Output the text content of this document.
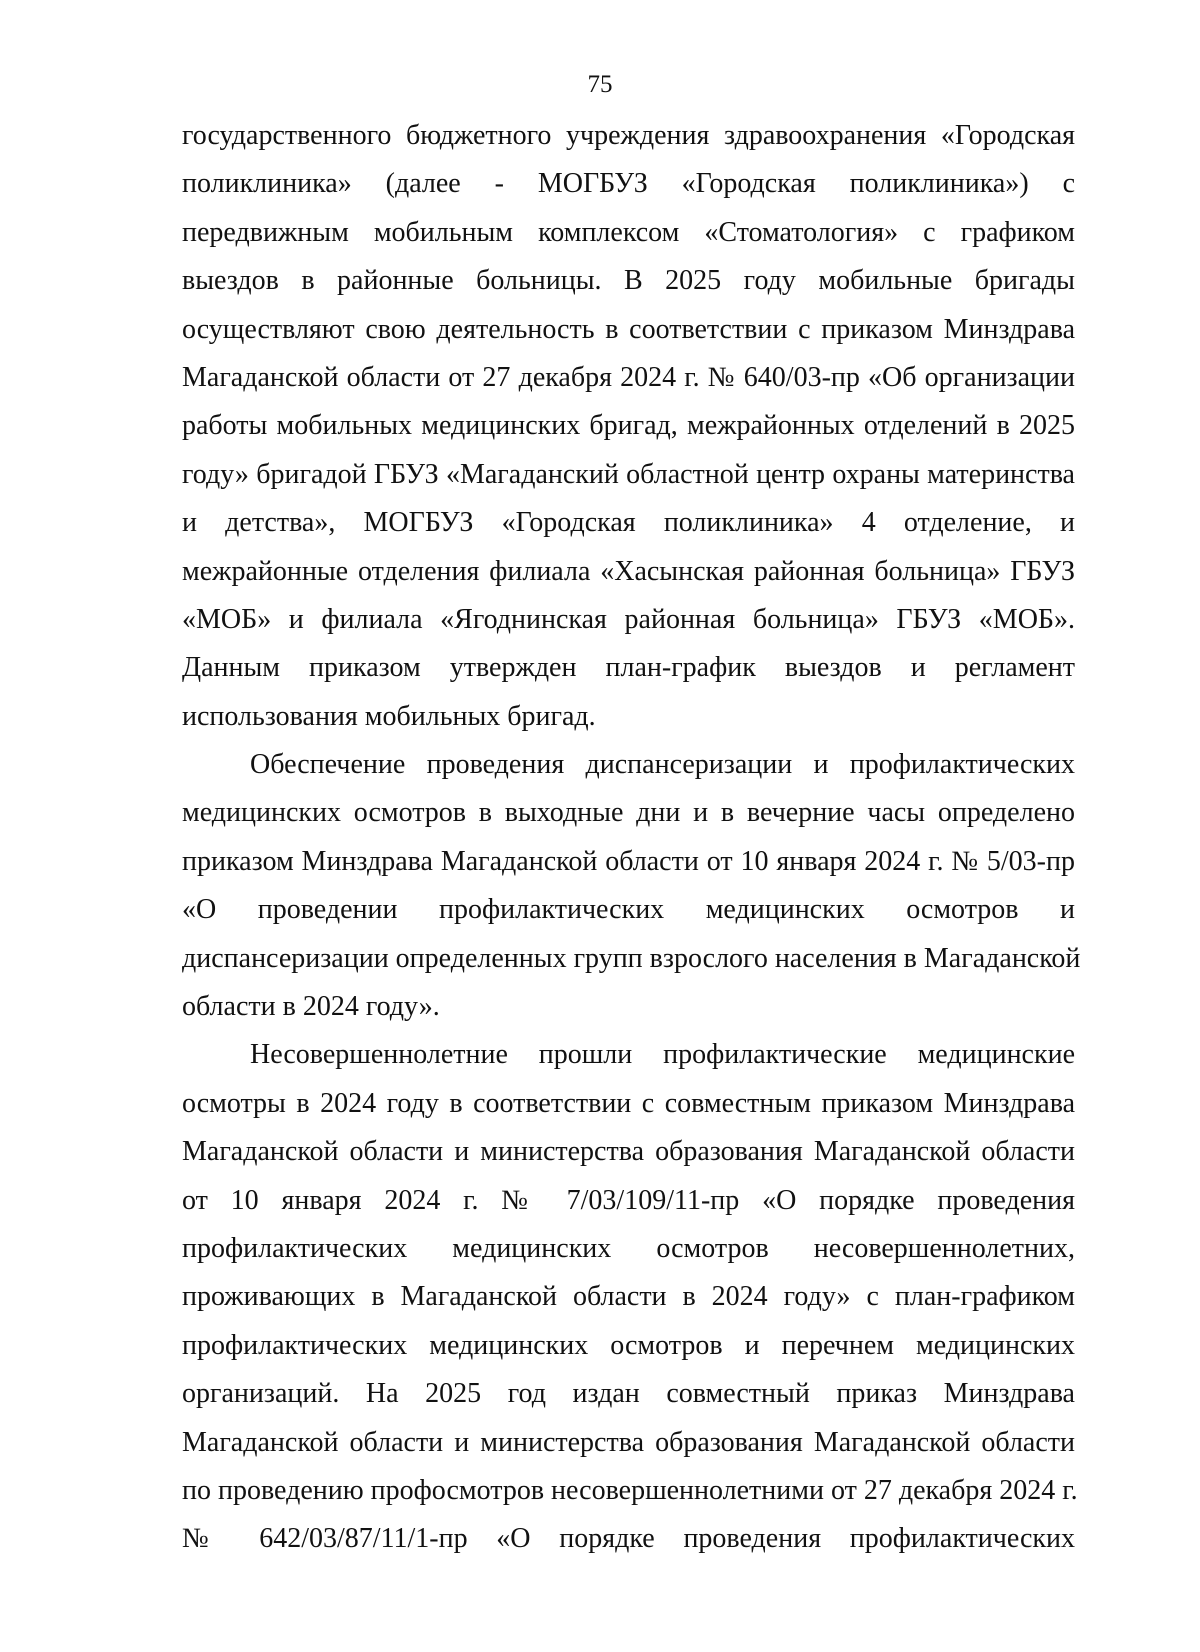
75
государственного бюджетного учреждения здравоохранения «Городская
поликлиника» (далее - МОГБУЗ «Городская поликлиника») с
передвижным мобильным комплексом «Стоматология» с графиком
выездов в районные больницы. В 2025 году мобильные бригады
осуществляют свою деятельность в соответствии с приказом Минздрава
Магаданской области от 27 декабря 2024 г. № 640/03-пр «Об организации
работы мобильных медицинских бригад, межрайонных отделений в 2025
году» бригадой ГБУЗ «Магаданский областной центр охраны материнства
и детства», МОГБУЗ «Городская поликлиника» 4 отделение, и
межрайонные отделения филиала «Хасынская районная больница» ГБУЗ
«МОБ» и филиала «Ягоднинская районная больница» ГБУЗ «МОБ».
Данным приказом утвержден план-график выездов и регламент
использования мобильных бригад.
Обеспечение проведения диспансеризации и профилактических
медицинских осмотров в выходные дни и в вечерние часы определено
приказом Минздрава Магаданской области от 10 января 2024 г. № 5/03-пр
«О проведении профилактических медицинских осмотров и
диспансеризации определенных групп взрослого населения в Магаданской
области в 2024 году».
Несовершеннолетние прошли профилактические медицинские
осмотры в 2024 году в соответствии с совместным приказом Минздрава
Магаданской области и министерства образования Магаданской области
от 10 января 2024 г. № 7/03/109/11-пр «О порядке проведения
профилактических медицинских осмотров несовершеннолетних,
проживающих в Магаданской области в 2024 году» с план-графиком
профилактических медицинских осмотров и перечнем медицинских
организаций. На 2025 год издан совместный приказ Минздрава
Магаданской области и министерства образования Магаданской области
по проведению профосмотров несовершеннолетними от 27 декабря 2024 г.
№ 642/03/87/11/1-пр «О порядке проведения профилактических
